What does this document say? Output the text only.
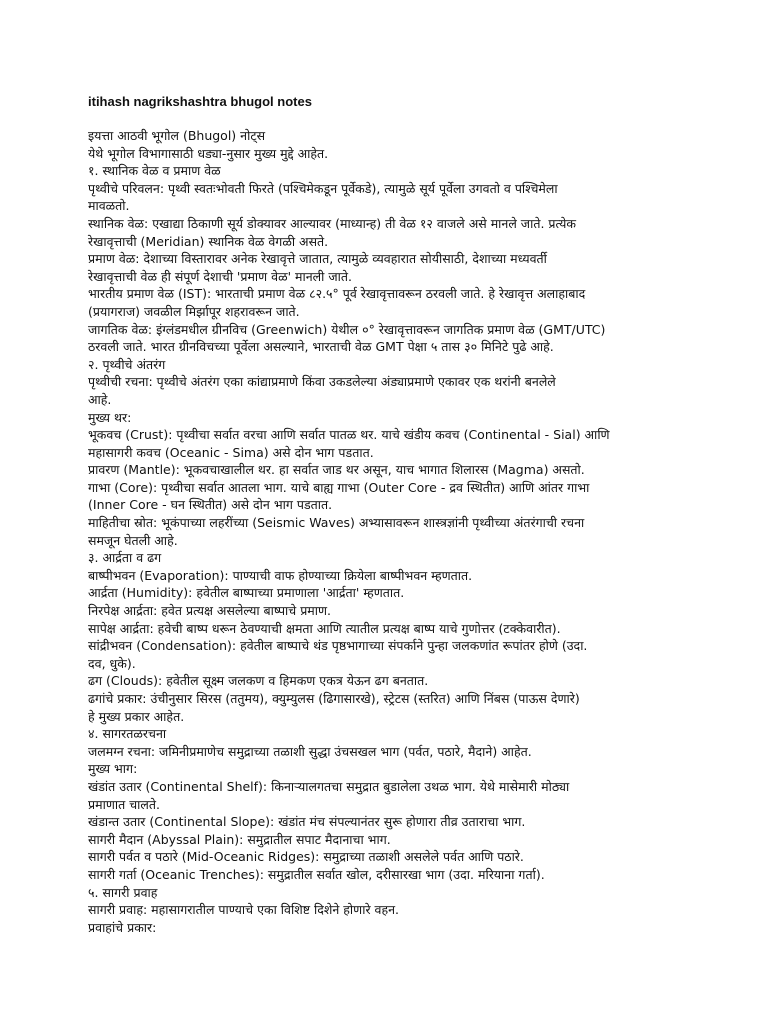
itihash nagrikshashtra bhugol notes

इयत्ता आठवी भूगोल (Bhugol) नोट्स

येथे भूगोल विभागासाठी धड्या-नुसार मुख्य मुद्दे आहेत.

१. स्थानिक वेळ व प्रमाण वेळ

पृथ्वीचे परिवलन: पृथ्वी स्वतःभोवती फिरते (पश्चिमेकडून पूर्वेकडे), त्यामुळे सूर्य पूर्वेला उगवतो व पश्चिमेला

मावळतो.

स्थानिक वेळ: एखाद्या ठिकाणी सूर्य डोक्यावर आल्यावर (माध्यान्ह) ती वेळ १२ वाजले असे मानले जाते. प्रत्येक

रेखावृत्ताची (Meridian) स्थानिक वेळ वेगळी असते.

प्रमाण वेळ: देशाच्या विस्तारावर अनेक रेखावृत्ते जातात, त्यामुळे व्यवहारात सोयीसाठी, देशाच्या मध्यवर्ती

रेखावृत्ताची वेळ ही संपूर्ण देशाची 'प्रमाण वेळ' मानली जाते.

भारतीय प्रमाण वेळ (IST): भारताची प्रमाण वेळ ८२.५° पूर्व रेखावृत्तावरून ठरवली जाते. हे रेखावृत्त अलाहाबाद

(प्रयागराज) जवळील मिर्झापूर शहरावरून जाते.

जागतिक वेळ: इंग्लंडमधील ग्रीनविच (Greenwich) येथील ०° रेखावृत्तावरून जागतिक प्रमाण वेळ (GMT/UTC)

ठरवली जाते. भारत ग्रीनविचच्या पूर्वेला असल्याने, भारताची वेळ GMT पेक्षा ५ तास ३० मिनिटे पुढे आहे.

२. पृथ्वीचे अंतरंग

पृथ्वीची रचना: पृथ्वीचे अंतरंग एका कांद्याप्रमाणे किंवा उकडलेल्या अंड्याप्रमाणे एकावर एक थरांनी बनलेले

आहे.

मुख्य थर:

भूकवच (Crust): पृथ्वीचा सर्वात वरचा आणि सर्वात पातळ थर. याचे खंडीय कवच (Continental - Sial) आणि

महासागरी कवच (Oceanic - Sima) असे दोन भाग पडतात.

प्रावरण (Mantle): भूकवचाखालील थर. हा सर्वात जाड थर असून, याच भागात शिलारस (Magma) असतो.

गाभा (Core): पृथ्वीचा सर्वात आतला भाग. याचे बाह्य गाभा (Outer Core - द्रव स्थितीत) आणि आंतर गाभा

(Inner Core - घन स्थितीत) असे दोन भाग पडतात.

माहितीचा स्रोत: भूकंपाच्या लहरींच्या (Seismic Waves) अभ्यासावरून शास्त्रज्ञांनी पृथ्वीच्या अंतरंगाची रचना

समजून घेतली आहे.

३. आर्द्रता व ढग

बाष्पीभवन (Evaporation): पाण्याची वाफ होण्याच्या क्रियेला बाष्पीभवन म्हणतात.

आर्द्रता (Humidity): हवेतील बाष्पाच्या प्रमाणाला 'आर्द्रता' म्हणतात.

निरपेक्ष आर्द्रता: हवेत प्रत्यक्ष असलेल्या बाष्पाचे प्रमाण.

सापेक्ष आर्द्रता: हवेची बाष्प धरून ठेवण्याची क्षमता आणि त्यातील प्रत्यक्ष बाष्प याचे गुणोत्तर (टक्केवारीत).

सांद्रीभवन (Condensation): हवेतील बाष्पाचे थंड पृष्ठभागाच्या संपर्काने पुन्हा जलकणांत रूपांतर होणे (उदा.

दव, धुके).

ढग (Clouds): हवेतील सूक्ष्म जलकण व हिमकण एकत्र येऊन ढग बनतात.

ढगांचे प्रकार: उंचीनुसार सिरस (ततुमय), क्युम्युलस (ढिगासारखे), स्ट्रेटस (स्तरित) आणि निंबस (पाऊस देणारे)

हे मुख्य प्रकार आहेत.

४. सागरतळरचना

जलमग्न रचना: जमिनीप्रमाणेच समुद्राच्या तळाशी सुद्धा उंचसखल भाग (पर्वत, पठारे, मैदाने) आहेत.

मुख्य भाग:

खंडांत उतार (Continental Shelf): किनाऱ्यालगतचा समुद्रात बुडालेला उथळ भाग. येथे मासेमारी मोठ्या

प्रमाणात चालते.

खंडान्त उतार (Continental Slope): खंडांत मंच संपल्यानंतर सुरू होणारा तीव्र उताराचा भाग.

सागरी मैदान (Abyssal Plain): समुद्रातील सपाट मैदानाचा भाग.

सागरी पर्वत व पठारे (Mid-Oceanic Ridges): समुद्राच्या तळाशी असलेले पर्वत आणि पठारे.

सागरी गर्ता (Oceanic Trenches): समुद्रातील सर्वात खोल, दरीसारखा भाग (उदा. मरियाना गर्ता).

५. सागरी प्रवाह

सागरी प्रवाह: महासागरातील पाण्याचे एका विशिष्ट दिशेने होणारे वहन.

प्रवाहांचे प्रकार:
